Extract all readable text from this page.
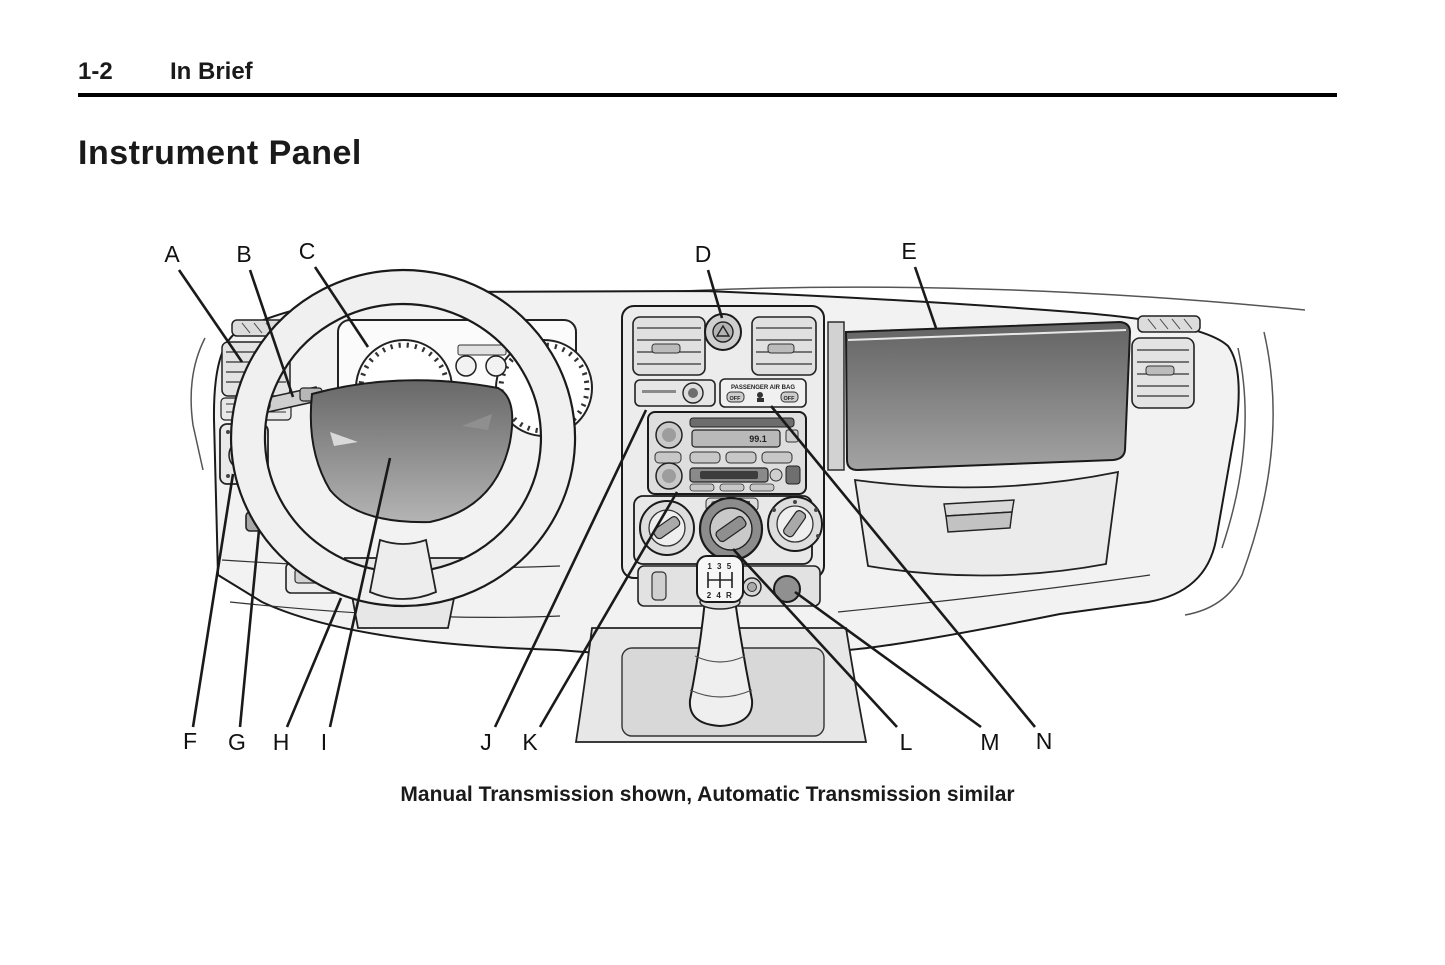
1-2 In Brief
Instrument Panel
PASSENGER AIR BAG
OFF	OFF
99.1
1 3 5
2 4 R
A B C	D	E
F G H I	J K	L	M N
Manual Transmission shown, Automatic Transmission similar
